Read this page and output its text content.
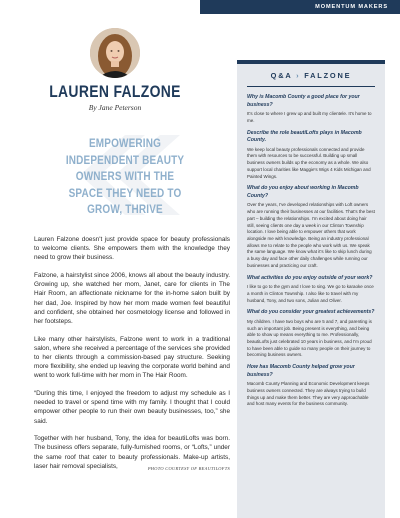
MOMENTUM MAKERS
LAUREN FALZONE
By Jane Peterson
EMPOWERING
INDEPENDENT BEAUTY
OWNERS WITH THE
SPACE THEY NEED TO
GROW, THRIVE

Lauren Falzone doesn't just provide space for beauty professionals to welcome clients. She empowers them with the knowledge they need to grow their business.

Falzone, a hairstylist since 2006, knows all about the beauty industry. Growing up, she watched her mom, Janet, care for clients in The Hair Room, an affectionate nickname for the in-home salon built by her dad, Joe. Inspired by how her mom made women feel beautiful and confident, she obtained her cosmetology license and followed in her footsteps.

Like many other hairstylists, Falzone went to work in a traditional salon, where she received a percentage of the services she provided to her clients through a commission-based pay structure. Seeking more flexibility, she ended up leaving the corporate world behind and went to work full-time with her mom in The Hair Room.

“During this time, I enjoyed the freedom to adjust my schedule as I needed to travel or spend time with my family. I thought that I could empower other people to run their own beauty businesses, too,” she said.

Together with her husband, Tony, the idea for beautiLofts was born. The business offers separate, fully-furnished rooms, or “Lofts,” under the same roof that cater to beauty professionals. Make-up artists, laser hair removal specialists,	PHOTO COURTESY OF BEAUTILOFTS
Q&A › FALZONE
Why is Macomb County a good place for your business?
It's close to where I grew up and built my clientele. It's home to me.
Describe the role beautiLofts plays in Macomb County.
We keep local beauty professionals connected and provide them with resources to be successful. Building up small business owners builds up the economy as a whole. We also support local charities like Maggie's Wigs 4 Kids Michigan and Painted Wings.
What do you enjoy about working in Macomb County?
Over the years, I've developed relationships with Loft owners who are running their businesses at our facilities. That's the best part – building the relationships. I'm excited about doing hair still, seeing clients one day a week in our Clinton Township location. I love being able to empower others that work alongside me with knowledge. Being an industry professional allows me to relate to the people who work with us. We speak the same language. We know what it's like to skip lunch during a busy day and face other daily challenges while running our businesses and practicing our craft.
What activities do you enjoy outside of your work?
I like to go to the gym and I love to sing. We go to karaoke once a month in Clinton Township. I also like to travel with my husband, Tony, and two sons, Julian and Oliver.
What do you consider your greatest achievements?
My children. I have two boys who are 5 and 7, and parenting is such an important job. Being present is everything, and being able to show up means everything to me. Professionally, beautiLofts just celebrated 10 years in business, and I'm proud to have been able to guide so many people on their journey to becoming business owners.
How has Macomb County helped grow your business?
Macomb County Planning and Economic Development keeps business owners connected. They are always trying to build things up and make them better. They are very approachable and host many events for the business community.
